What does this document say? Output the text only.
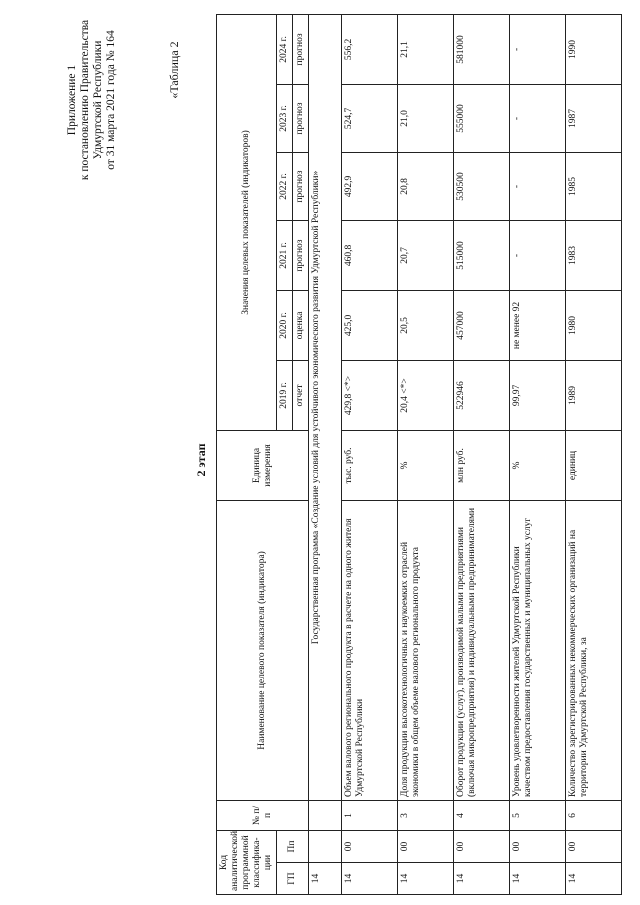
Приложение 1 к постановлению Правительства Удмуртской Республики от 31 марта 2021 года № 164	«Таблица 2
2 этап
Код аналитической программной классифика-ции		№ п/п	Наименование целевого показателя (индикатора)	Единица измерения	Значения целевых показателей (индикаторов)					
ГП	Пп				2019 г.	2020 г.	2021 г.	2022 г.	2023 г.	2024 г.
					отчет	оценка	прогноз	прогноз	прогноз	прогноз
14			Государственная программа «Создание условий для устойчивого экономического развития Удмуртской Республики»							
14	00	1	Объем валового регионального продукта в расчете на одного жителя Удмуртской Республики	тыс. руб.	429,8 <*>	425,0	460,8	492,9	524,7	556,2
14	00	3	Доля продукции высокотехнологичных и наукоемких отраслей экономики в общем объеме валового регионального продукта	%	20,4 <*>	20,5	20,7	20,8	21,0	21,1
14	00	4	Оборот продукции (услуг), производимой малыми предприятиями (включая микропредприятия) и индивидуальными предпринимателями	млн руб.	522946	457000	515000	530500	555000	581000
14	00	5	Уровень удовлетворенности жителей Удмуртской Республики качеством предоставления государственных и муниципальных услуг	%	99,97	не менее 92	-	-	-	-
14	00	6	Количество зарегистрированных некоммерческих организаций на территории Удмуртской Республики, за	единиц	1989	1980	1983	1985	1987	1990
